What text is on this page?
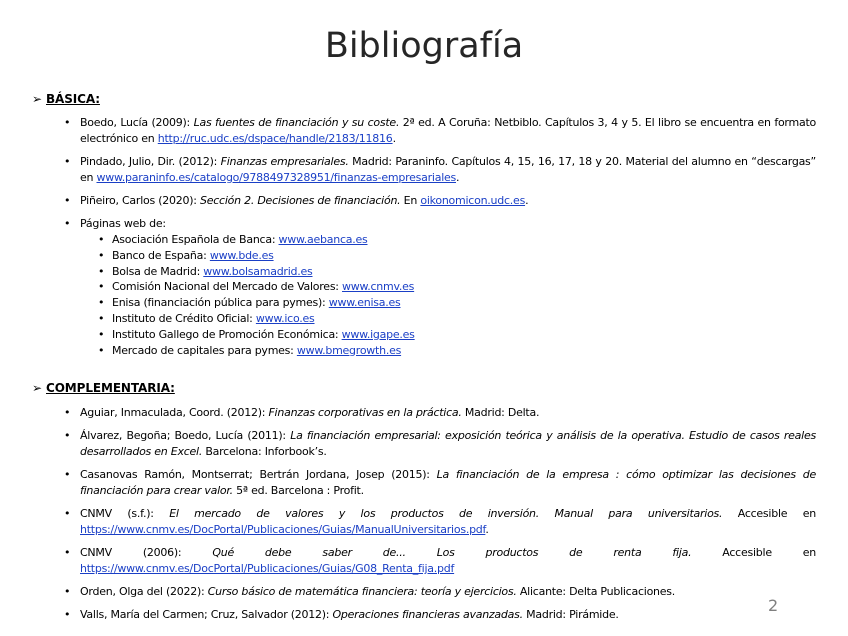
Bibliografía
➢ BÁSICA:
• Boedo, Lucía (2009): Las fuentes de financiación y su coste. 2ª ed. A Coruña: Netbiblo. Capítulos 3, 4 y 5. El libro se encuentra en formato electrónico en http://ruc.udc.es/dspace/handle/2183/11816.
• Pindado, Julio, Dir. (2012): Finanzas empresariales. Madrid: Paraninfo. Capítulos 4, 15, 16, 17, 18 y 20. Material del alumno en “descargas” en www.paraninfo.es/catalogo/9788497328951/finanzas-empresariales.
• Piñeiro, Carlos (2020): Sección 2. Decisiones de financiación. En oikonomicon.udc.es.
• Páginas web de:
• Asociación Española de Banca: www.aebanca.es
• Banco de España: www.bde.es
• Bolsa de Madrid: www.bolsamadrid.es
• Comisión Nacional del Mercado de Valores: www.cnmv.es
• Enisa (financiación pública para pymes): www.enisa.es
• Instituto de Crédito Oficial: www.ico.es
• Instituto Gallego de Promoción Económica: www.igape.es
• Mercado de capitales para pymes: www.bmegrowth.es
➢ COMPLEMENTARIA:
• Aguiar, Inmaculada, Coord. (2012): Finanzas corporativas en la práctica. Madrid: Delta.
• Álvarez, Begoña; Boedo, Lucía (2011): La financiación empresarial: exposición teórica y análisis de la operativa. Estudio de casos reales desarrollados en Excel. Barcelona: Inforbook’s.
• Casanovas Ramón, Montserrat; Bertrán Jordana, Josep (2015): La financiación de la empresa : cómo optimizar las decisiones de financiación para crear valor. 5ª ed. Barcelona : Profit.
• CNMV (s.f.): El mercado de valores y los productos de inversión. Manual para universitarios. Accesible en https://www.cnmv.es/DocPortal/Publicaciones/Guias/ManualUniversitarios.pdf.
• CNMV (2006): Qué debe saber de... Los productos de renta fija. Accesible en https://www.cnmv.es/DocPortal/Publicaciones/Guias/G08_Renta_fija.pdf
• Orden, Olga del (2022): Curso básico de matemática financiera: teoría y ejercicios. Alicante: Delta Publicaciones.
• Valls, María del Carmen; Cruz, Salvador (2012): Operaciones financieras avanzadas. Madrid: Pirámide.	2
